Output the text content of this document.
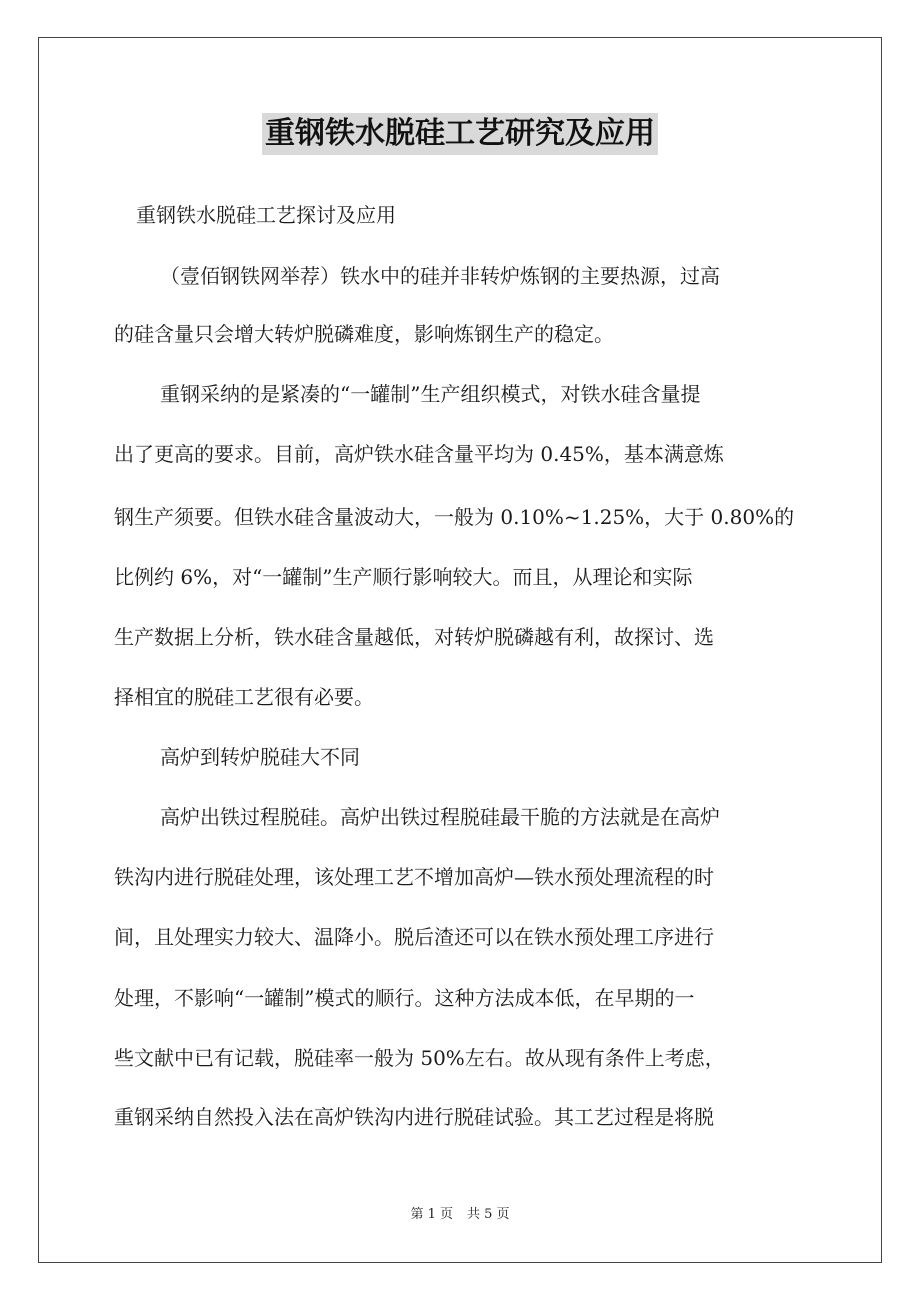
重钢铁水脱硅工艺研究及应用
重钢铁水脱硅工艺探讨及应用
（壹佰钢铁网举荐）铁水中的硅并非转炉炼钢的主要热源，过高
的硅含量只会增大转炉脱磷难度，影响炼钢生产的稳定。
重钢采纳的是紧凑的“一罐制”生产组织模式，对铁水硅含量提
出了更高的要求。目前，高炉铁水硅含量平均为 0.45%，基本满意炼
钢生产须要。但铁水硅含量波动大，一般为 0.10%~1.25%，大于 0.80%的
比例约 6%，对“一罐制”生产顺行影响较大。而且，从理论和实际
生产数据上分析，铁水硅含量越低，对转炉脱磷越有利，故探讨、选
择相宜的脱硅工艺很有必要。
高炉到转炉脱硅大不同
高炉出铁过程脱硅。高炉出铁过程脱硅最干脆的方法就是在高炉
铁沟内进行脱硅处理，该处理工艺不增加高炉—铁水预处理流程的时
间，且处理实力较大、温降小。脱后渣还可以在铁水预处理工序进行
处理，不影响“一罐制”模式的顺行。这种方法成本低，在早期的一
些文献中已有记载，脱硅率一般为 50%左右。故从现有条件上考虑，
重钢采纳自然投入法在高炉铁沟内进行脱硅试验。其工艺过程是将脱
第 1 页 共 5 页
